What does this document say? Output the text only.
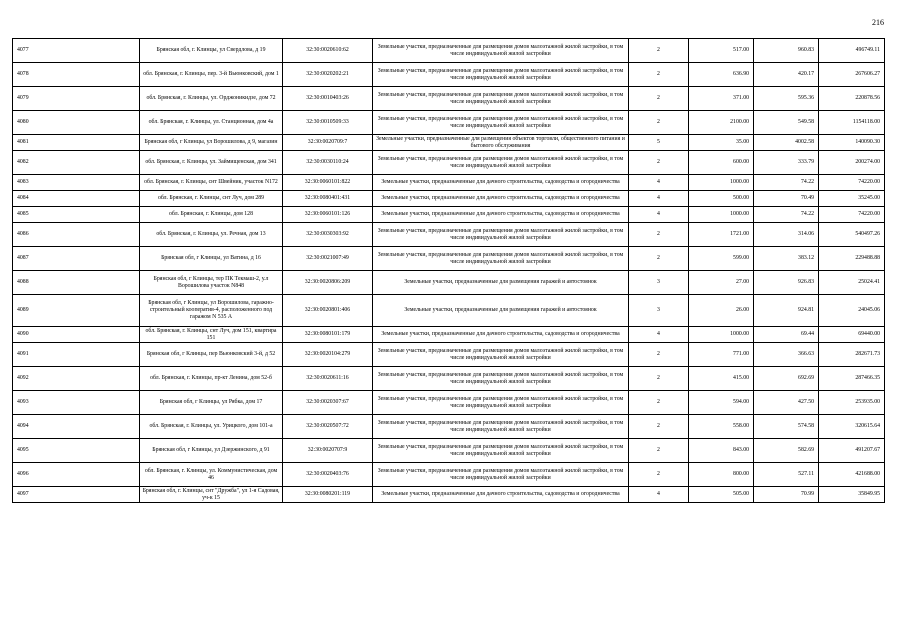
216
4077	Брянская обл, г. Клинцы, ул Свердлова, д 19	32:30:0020610:62	Земельные участки, предназначенные для размещения домов малоэтажной жилой застройки, в том числе индивидуальной жилой застройки	2	517.00	960.83	496749.11
4078	обл. Брянская, г. Клинцы, пер. 3-й Вьюнковский, дом 1	32:30:0020202:21	Земельные участки, предназначенные для размещения домов малоэтажной жилой застройки, в том числе индивидуальной жилой застройки	2	636.90	420.17	267606.27
4079	обл. Брянская, г. Клинцы, ул. Орджоникидзе, дом 72	32:30:0010403:26	Земельные участки, предназначенные для размещения домов малоэтажной жилой застройки, в том числе индивидуальной жилой застройки	2	371.00	595.36	220878.56
4080	обл. Брянская, г. Клинцы, ул. Станционная, дом 4а	32:30:0010509:33	Земельные участки, предназначенные для размещения домов малоэтажной жилой застройки, в том числе индивидуальной жилой застройки	2	2100.00	549.58	1154118.00
4081	Брянская обл, г Клинцы, ул Ворошилова, д 9, магазин	32:30:0020709:7	Земельные участки, предназначенные для размещения объектов торговли, общественного питания и бытового обслуживания	5	35.00	4002.58	140090.30
4082	обл. Брянская, г. Клинцы, ул. Займищенская, дом 341	32:30:0030110:24	Земельные участки, предназначенные для размещения домов малоэтажной жилой застройки, в том числе индивидуальной жилой застройки	2	600.00	333.79	200274.00
4083	обл. Брянская, г. Клинцы, снт Швейник, участок N172	32:30:0060101:822	Земельные участки, предназначенные для дачного строительства, садоводства и огородничества	4	1000.00	74.22	74220.00
4084	обл. Брянская, г. Клинцы, снт Луч, дом 289	32:30:0080401:431	Земельные участки, предназначенные для дачного строительства, садоводства и огородничества	4	500.00	70.49	35245.00
4085	обл. Брянская, г. Клинцы, дом 128	32:30:0060101:126	Земельные участки, предназначенные для дачного строительства, садоводства и огородничества	4	1000.00	74.22	74220.00
4086	обл. Брянская, г. Клинцы, ул. Речная, дом 13	32:30:0030303:92	Земельные участки, предназначенные для размещения домов малоэтажной жилой застройки, в том числе индивидуальной жилой застройки	2	1721.00	314.06	540497.26
4087	Брянская обл, г Клинцы, ул Ватина, д 16	32:30:0021007:49	Земельные участки, предназначенные для размещения домов малоэтажной жилой застройки, в том числе индивидуальной жилой застройки	2	599.00	383.12	229488.88
4088	Брянская обл, г Клинцы, тер ПК Текмаш-2, у.л Ворошилова участок N848	32:30:0020806:209	Земельные участки, предназначенные для размещения гаражей и автостоянок	3	27.00	926.83	25024.41
4089	Брянская обл, г Клинцы, ул Ворошилова, гаражно-строительный кооператив-4, расположенного под гаражом N 535 А	32:30:0020801:406	Земельные участки, предназначенные для размещения гаражей и автостоянок	3	26.00	924.81	24045.06
4090	обл. Брянская, г. Клинцы, снт Луч, дом 151, квартира 151	32:30:0080101:179	Земельные участки, предназначенные для дачного строительства, садоводства и огородничества	4	1000.00	69.44	69440.00
4091	Брянская обл, г Клинцы, пер Вьюнковский 3-й, д 52	32:30:0020104:279	Земельные участки, предназначенные для размещения домов малоэтажной жилой застройки, в том числе индивидуальной жилой застройки	2	771.00	366.63	282671.73
4092	обл. Брянская, г. Клинцы, пр-кт Ленина, дом 52-б	32:30:0020611:16	Земельные участки, предназначенные для размещения домов малоэтажной жилой застройки, в том числе индивидуальной жилой застройки	2	415.00	692.69	287466.35
4093	Брянская обл, г Клинцы, ул Рябка, дом 17	32:30:0020307:67	Земельные участки, предназначенные для размещения домов малоэтажной жилой застройки, в том числе индивидуальной жилой застройки	2	594.00	427.50	253935.00
4094	обл. Брянская, г. Клинцы, ул. Урицкого, дом 101-а	32:30:0020507:72	Земельные участки, предназначенные для размещения домов малоэтажной жилой застройки, в том числе индивидуальной жилой застройки	2	558.00	574.58	320615.64
4095	Брянская обл, г Клинцы, ул Дзержинского, д 91	32:30:0020707:9	Земельные участки, предназначенные для размещения домов малоэтажной жилой застройки, в том числе индивидуальной жилой застройки	2	843.00	582.69	491207.67
4096	обл. Брянская, г. Клинцы, ул. Коммунистическая, дом 46	32:30:0020403:76	Земельные участки, предназначенные для размещения домов малоэтажной жилой застройки, в том числе индивидуальной жилой застройки	2	800.00	527.11	421688.00
4097	Брянская обл, г. Клинцы, снт "Дружба", ул 1-я Садовая, уч-к 15	32:30:0080201:119	Земельные участки, предназначенные для дачного строительства, садоводства и огородничества	4	505.00	70.99	35849.95
